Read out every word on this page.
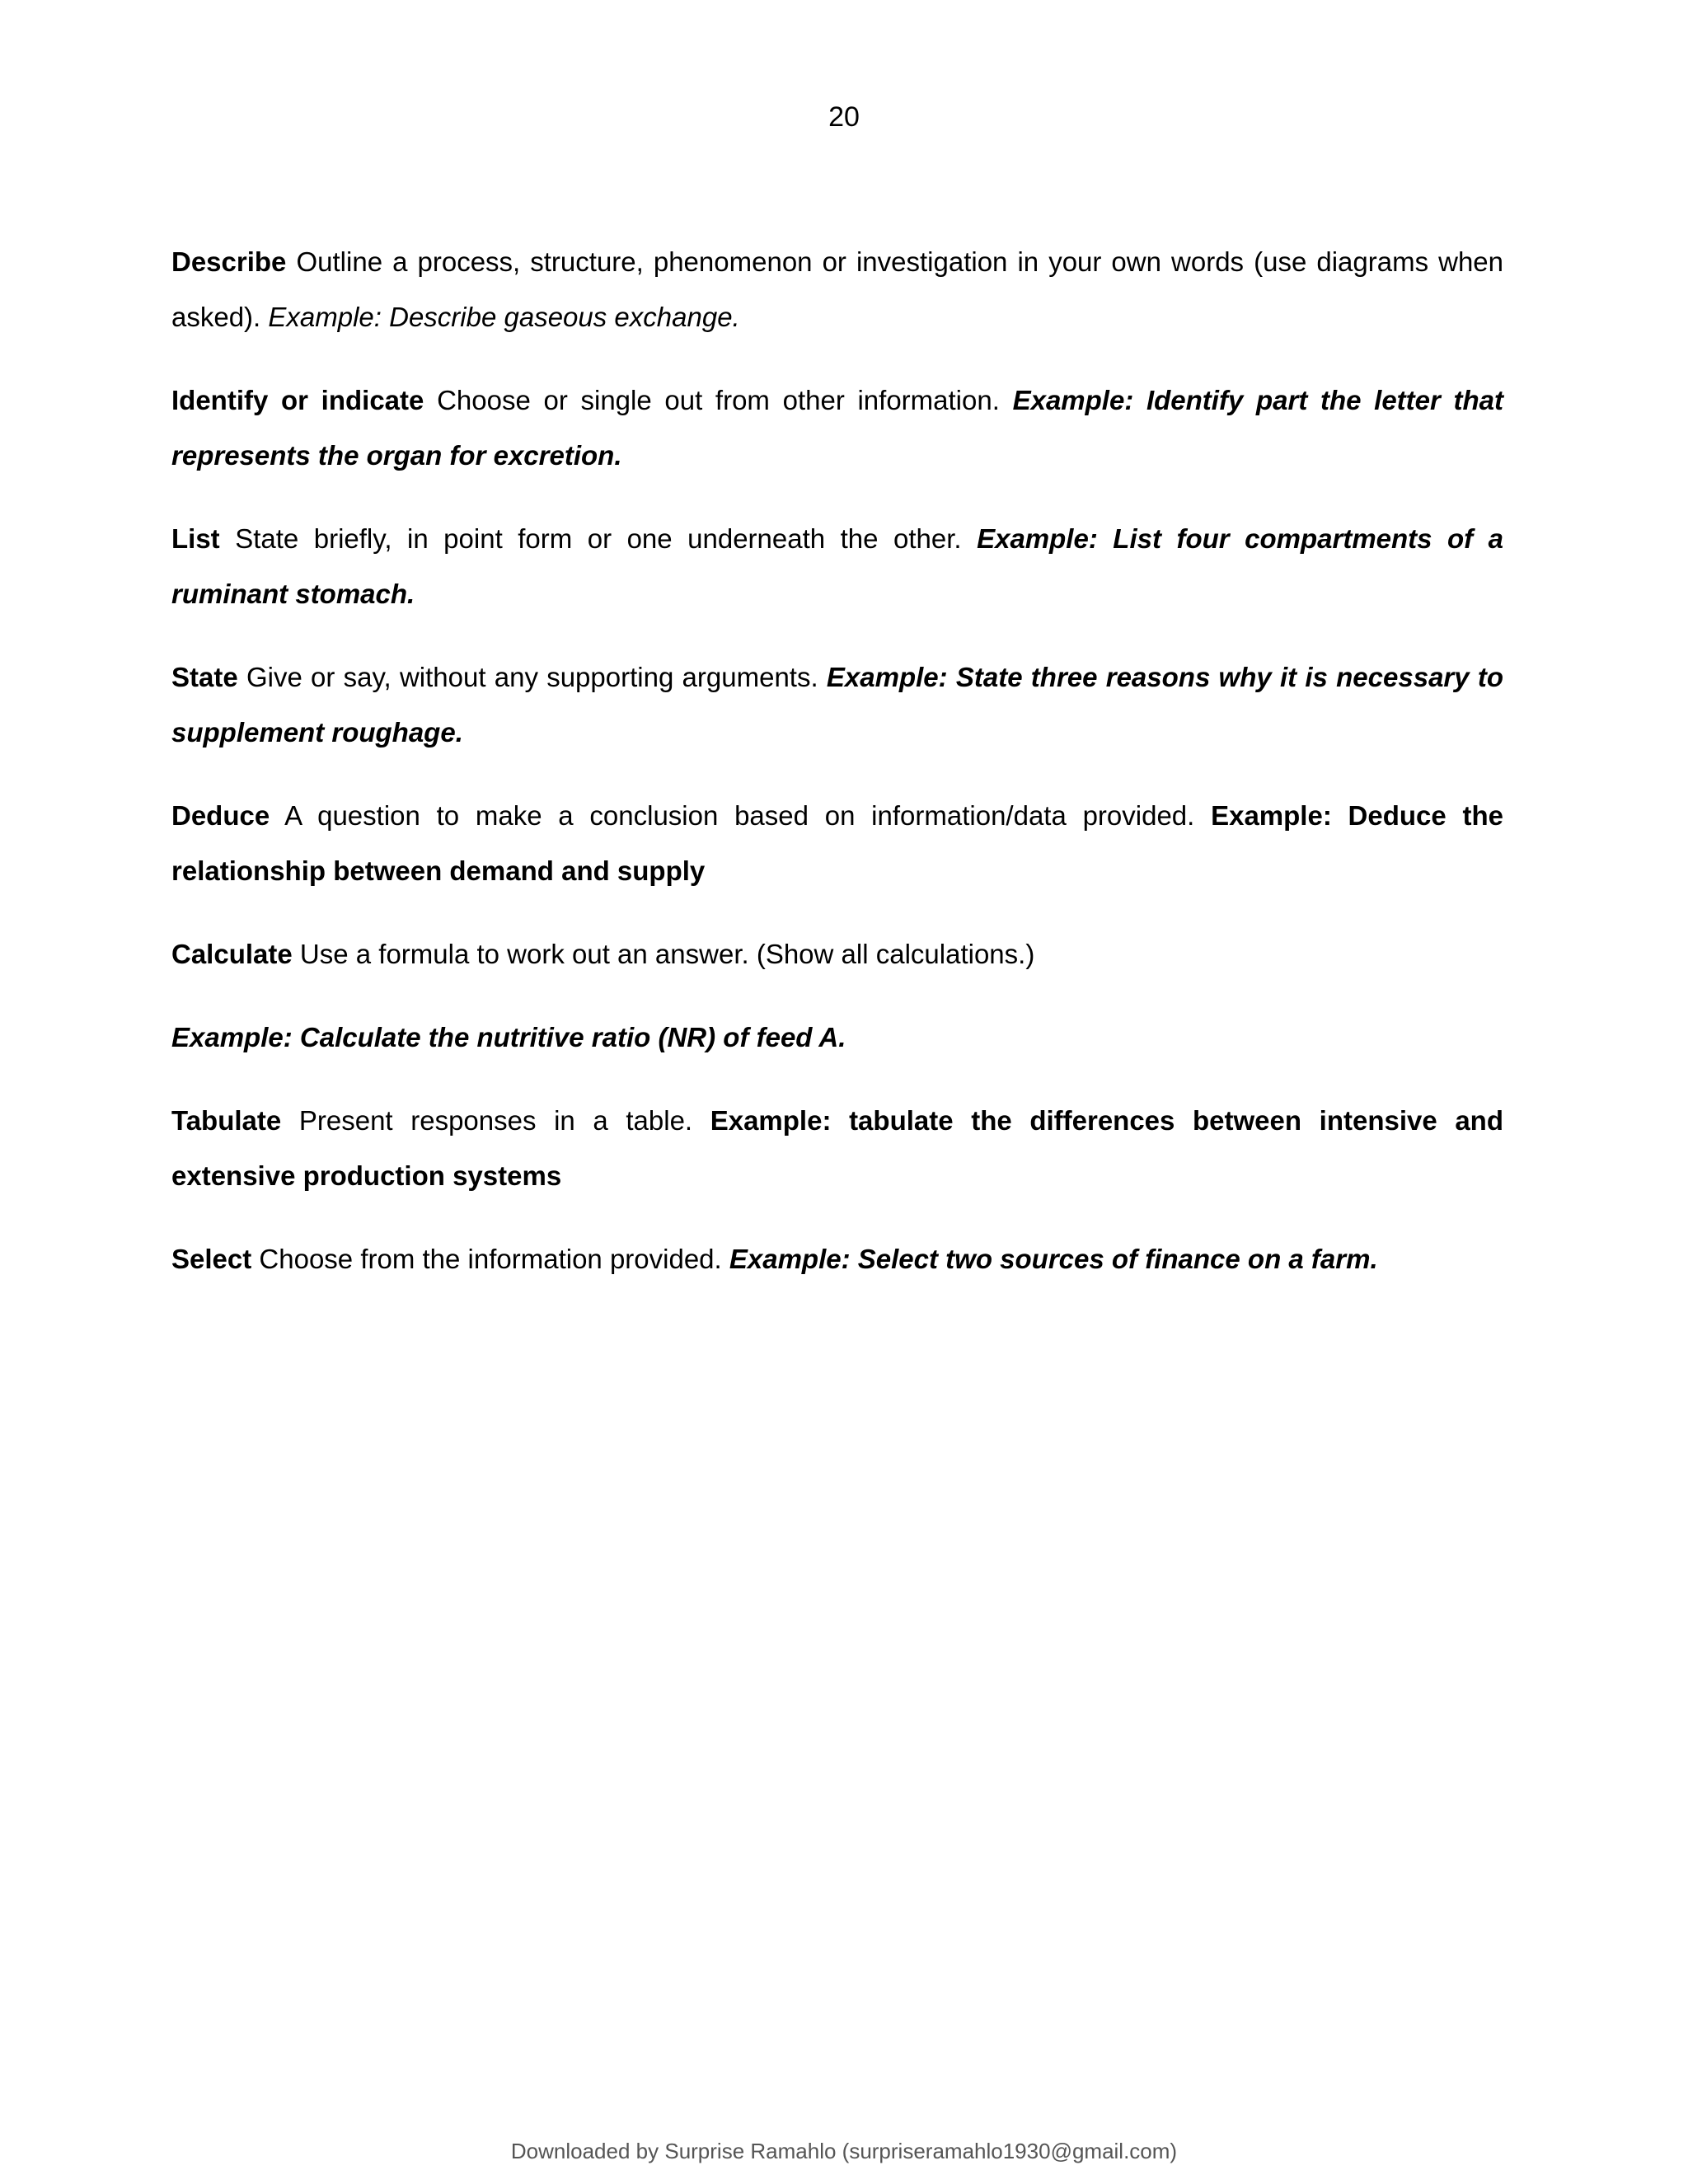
20

Describe Outline a process, structure, phenomenon or investigation in your own words (use diagrams when asked). Example: Describe gaseous exchange.

Identify or indicate Choose or single out from other information. Example: Identify part the letter that represents the organ for excretion.

List State briefly, in point form or one underneath the other. Example: List four compartments of a ruminant stomach.

State Give or say, without any supporting arguments. Example: State three reasons why it is necessary to supplement roughage.

Deduce A question to make a conclusion based on information/data provided. Example: Deduce the relationship between demand and supply

Calculate Use a formula to work out an answer. (Show all calculations.)

Example: Calculate the nutritive ratio (NR) of feed A.

Tabulate Present responses in a table. Example: tabulate the differences between intensive and extensive production systems

Select Choose from the information provided. Example: Select two sources of finance on a farm.

Downloaded by Surprise Ramahlo (surpriseramahlo1930@gmail.com)
